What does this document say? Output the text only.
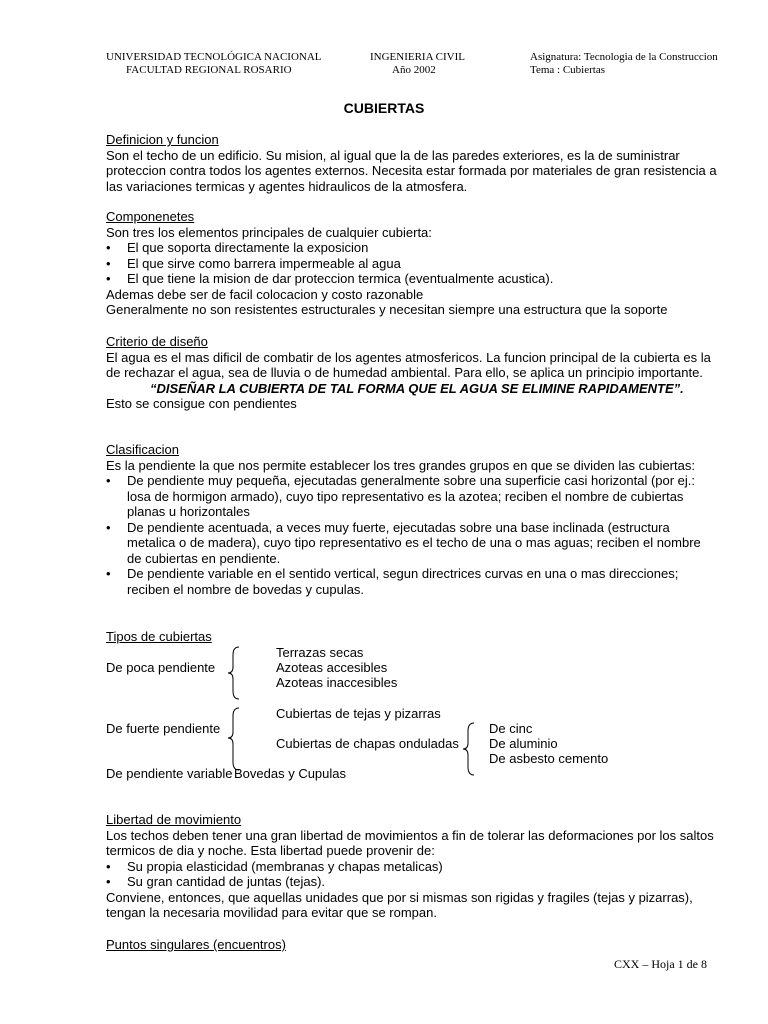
UNIVERSIDAD TECNOLÓGICA NACIONAL
FACULTAD REGIONAL ROSARIO
INGENIERIA CIVIL
Año 2002
Asignatura: Tecnologia de la Construccion
Tema : Cubiertas
CUBIERTAS
Definicion y funcion

Son el techo de un edificio. Su mision, al igual que la de las paredes exteriores, es la de suministrar proteccion contra todos los agentes externos. Necesita estar formada por materiales de gran resistencia a las variaciones termicas y agentes hidraulicos de la atmosfera.

Componenetes
Son tres los elementos principales de cualquier cubierta:
• El que soporta directamente la exposicion
• El que sirve como barrera impermeable al agua
• El que tiene la mision de dar proteccion termica (eventualmente acustica).
Ademas debe ser de facil colocacion y costo razonable
Generalmente no son resistentes estructurales y necesitan siempre una estructura que la soporte
Criterio de diseño

El agua es el mas dificil de combatir de los agentes atmosfericos. La funcion principal de la cubierta es la de rechazar el agua, sea de lluvia o de humedad ambiental. Para ello, se aplica un principio importante.

“DISEÑAR LA CUBIERTA DE TAL FORMA QUE EL AGUA SE ELIMINE RAPIDAMENTE”.
Esto se consigue con pendientes
Clasificacion
Es la pendiente la que nos permite establecer los tres grandes grupos en que se dividen las cubiertas:
• De pendiente muy pequeña, ejecutadas generalmente sobre una superficie casi horizontal (por ej.: losa de hormigon armado), cuyo tipo representativo es la azotea; reciben el nombre de cubiertas planas u horizontales
• De pendiente acentuada, a veces muy fuerte, ejecutadas sobre una base inclinada (estructura metalica o de madera), cuyo tipo representativo es el techo de una o mas aguas; reciben el nombre de cubiertas en pendiente.
• De pendiente variable en el sentido vertical, segun directrices curvas en una o mas direcciones; reciben el nombre de bovedas y cupulas.
Tipos de cubiertas
De poca pendiente
Terrazas secas
Azoteas accesibles
Azoteas inaccesibles
De fuerte pendiente
Cubiertas de tejas y pizarras
Cubiertas de chapas onduladas
De cinc
De aluminio
De asbesto cemento
De pendiente variable Bovedas y Cupulas
Libertad de movimiento

Los techos deben tener una gran libertad de movimientos a fin de tolerar las deformaciones por los saltos termicos de dia y noche. Esta libertad puede provenir de:

• Su propia elasticidad (membranas y chapas metalicas)
• Su gran cantidad de juntas (tejas).

Conviene, entonces, que aquellas unidades que por si mismas son rigidas y fragiles (tejas y pizarras), tengan la necesaria movilidad para evitar que se rompan.

Puntos singulares (encuentros)
CXX – Hoja 1 de 8
